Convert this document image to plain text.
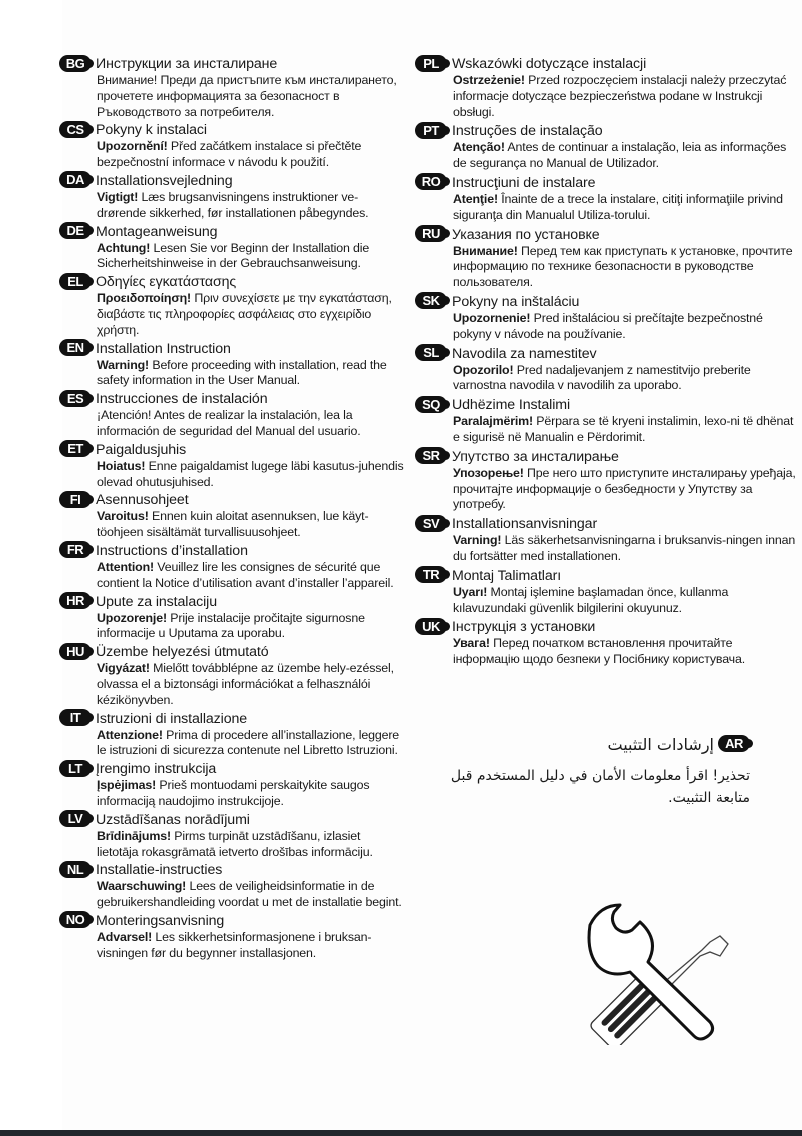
BG Инструкции за инсталиране
Внимание! Преди да пристъпите към инсталирането, прочетете информацията за безопасност в Ръководството за потребителя.
CS Pokyny k instalaci
Upozornění! Před začátkem instalace si přečtěte bezpečnostní informace v návodu k použití.
DA Installationsvejledning
Vigtigt! Læs brugsanvisningens instruktioner ve-drørende sikkerhed, før installationen påbegyndes.
DE Montageanweisung
Achtung! Lesen Sie vor Beginn der Installation die Sicherheitshinweise in der Gebrauchsanweisung.
EL Οδηγίες εγκατάστασης
Προειδοποίηση! Πριν συνεχίσετε με την εγκατάσταση, διαβάστε τις πληροφορίες ασφάλειας στο εγχειρίδιο χρήστη.
EN Installation Instruction
Warning! Before proceeding with installation, read the safety information in the User Manual.
ES Instrucciones de instalación
¡Atención! Antes de realizar la instalación, lea la información de seguridad del Manual del usuario.
ET Paigaldusjuhis
Hoiatus! Enne paigaldamist lugege läbi kasutus-juhendis olevad ohutusjuhised.
FI	Asennusohjeet
Varoitus! Ennen kuin aloitat asennuksen, lue käyt-töohjeen sisältämät turvallisuusohjeet.
FR Instructions d’installation
Attention! Veuillez lire les consignes de sécurité que contient la Notice d’utilisation avant d’installer l’appareil.
HR Upute za instalaciju
Upozorenje! Prije instalacije pročitajte sigurnosne informacije u Uputama za uporabu.
HU Üzembe helyezési útmutató
Vigyázat! Mielőtt továbblépne az üzembe hely-ezéssel, olvassa el a biztonsági információkat a felhasználói kézikönyvben.
IT	Istruzioni di installazione
Attenzione! Prima di procedere all’installazione, leggere le istruzioni di sicurezza contenute nel Libretto Istruzioni.
LT Įrengimo instrukcija
Įspėjimas! Prieš montuodami perskaitykite saugos informaciją naudojimo instrukcijoje.
LV Uzstādīšanas norādījumi
Brīdinājums! Pirms turpināt uzstādīšanu, izlasiet lietotāja rokasgrāmatā ietverto drošības informāciju.
NL Installatie-instructies
Waarschuwing! Lees de veiligheidsinformatie in de gebruikershandleiding voordat u met de installatie begint.
NO Monteringsanvisning
Advarsel! Les sikkerhetsinformasjonene i bruksan-visningen før du begynner installasjonen.
PL Wskazówki dotyczące instalacji
Ostrzeżenie! Przed rozpoczęciem instalacji należy przeczytać informacje dotyczące bezpieczeństwa podane w Instrukcji obsługi.
PT Instruções de instalação
Atenção! Antes de continuar a instalação, leia as informações de segurança no Manual de Utilizador.
RO Instrucţiuni de instalare
Atenţie! Înainte de a trece la instalare, citiţi informaţiile privind siguranţa din Manualul Utiliza-torului.
RU Указания по установке
Внимание! Перед тем как приступать к установке, прочтите информацию по технике безопасности в руководстве пользователя.
SK Pokyny na inštaláciu
Upozornenie! Pred inštaláciou si prečítajte bezpečnostné pokyny v návode na používanie.
SL Navodila za namestitev
Opozorilo! Pred nadaljevanjem z namestitvijo preberite varnostna navodila v navodilih za uporabo.
SQ Udhëzime Instalimi
Paralajmërim! Përpara se të kryeni instalimin, lexo-ni të dhënat e sigurisë në Manualin e Përdorimit.
SR Упутство за инсталирање
Упозорење! Пре него што приступите инсталирању уређаја, прочитајте информације о безбедности у Упутству за употребу.
SV Installationsanvisningar
Varning! Läs säkerhetsanvisningarna i bruksanvis-ningen innan du fortsätter med installationen.
TR Montaj Talimatları
Uyarı! Montaj işlemine başlamadan önce, kullanma kılavuzundaki güvenlik bilgilerini okuyunuz.
UK Інструкція з установки
Увага! Перед початком встановлення прочитайте інформацію щодо безпеки у Посібнику користувача.
AR
إرشادات التثبيت
تحذير! اقرأ معلومات الأمان في دليل المستخدم قبل متابعة التثبيت.
